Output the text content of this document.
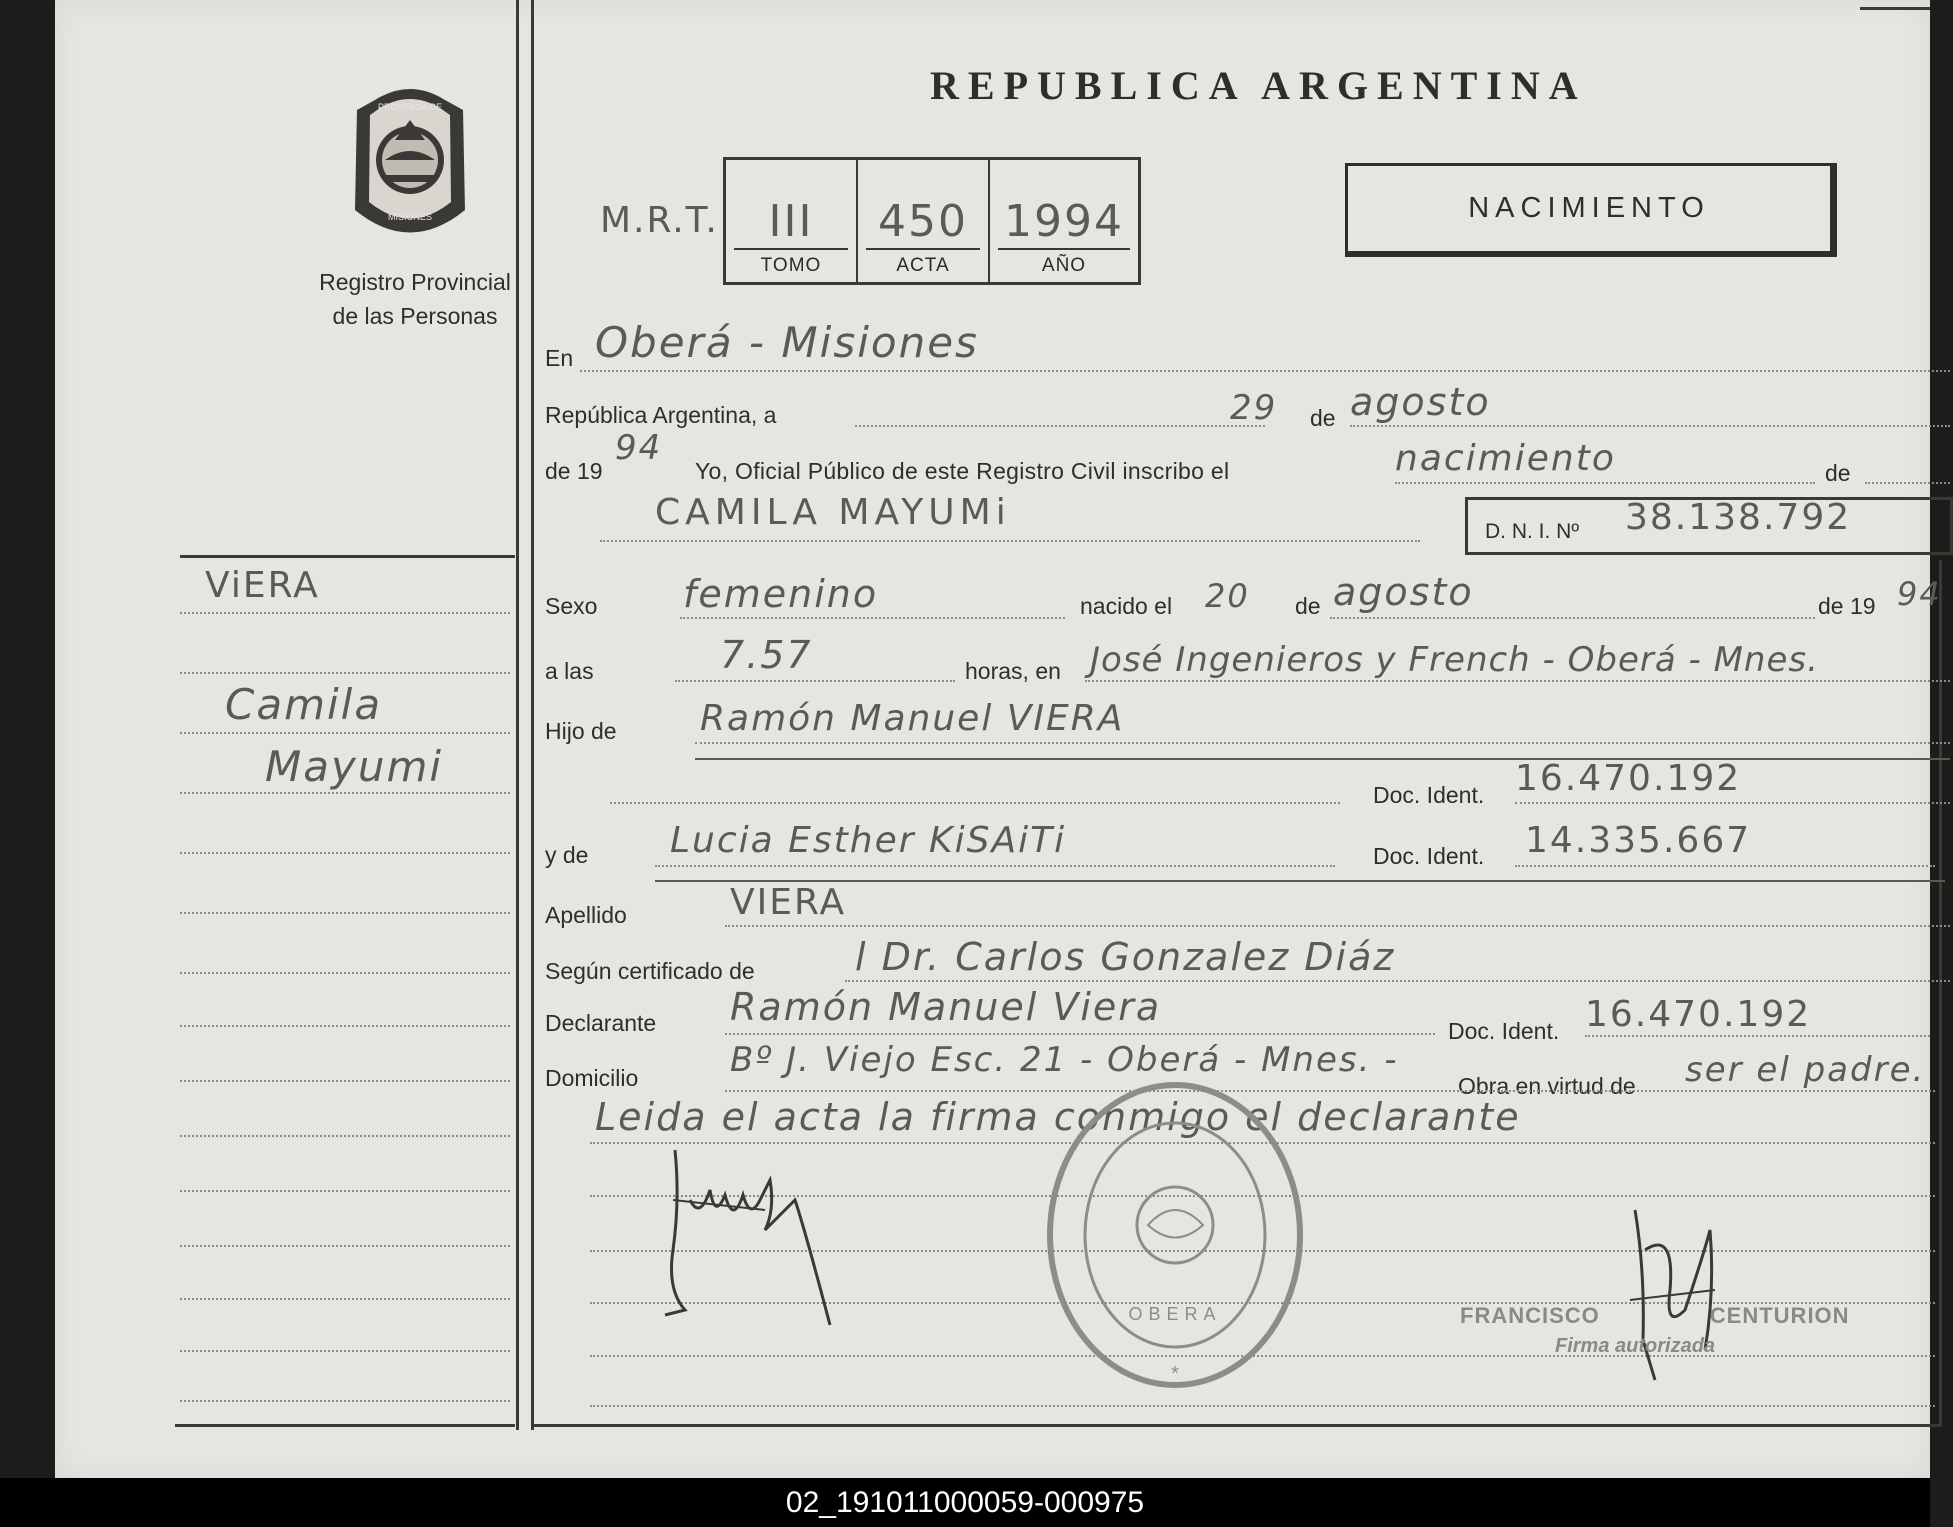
REPUBLICA ARGENTINA
PROVINCIA DE
MISIONES
Registro Provincial
de las Personas
M.R.T.	III
TOMO
450
ACTA
1994
AÑO
NACIMIENTO
En Oberá - Misiones
República Argentina, a	29 de agosto
de 19
94
Yo, Oficial Público de este Registro Civil inscribo el	nacimiento	de
CAMILA MAYUMi	D. N. I. Nº 38.138.792
Sexo femenino	nacido el 20 de agosto	de 19 94
a las	7.57	horas, en José Ingenieros y French - Oberá - Mnes.
Hijo de Ramón Manuel VIERA
Doc. Ident. 16.470.192
y de Lucia Esther KiSAiTi	Doc. Ident. 14.335.667
Apellido	VIERA
Según certificado de	l Dr. Carlos Gonzalez Diáz
Declarante Ramón Manuel Viera
Doc. Ident. 16.470.192
Domicilio	Bº J. Viejo Esc. 21 - Oberá - Mnes. -
Obra en virtud de ser el padre.
Leida el acta la firma conmigo el declarante
ViERA
Camila
Mayumi
OBERA
*
FRANCISCO	CENTURION
Firma autorizada
02_191011000059-000975
